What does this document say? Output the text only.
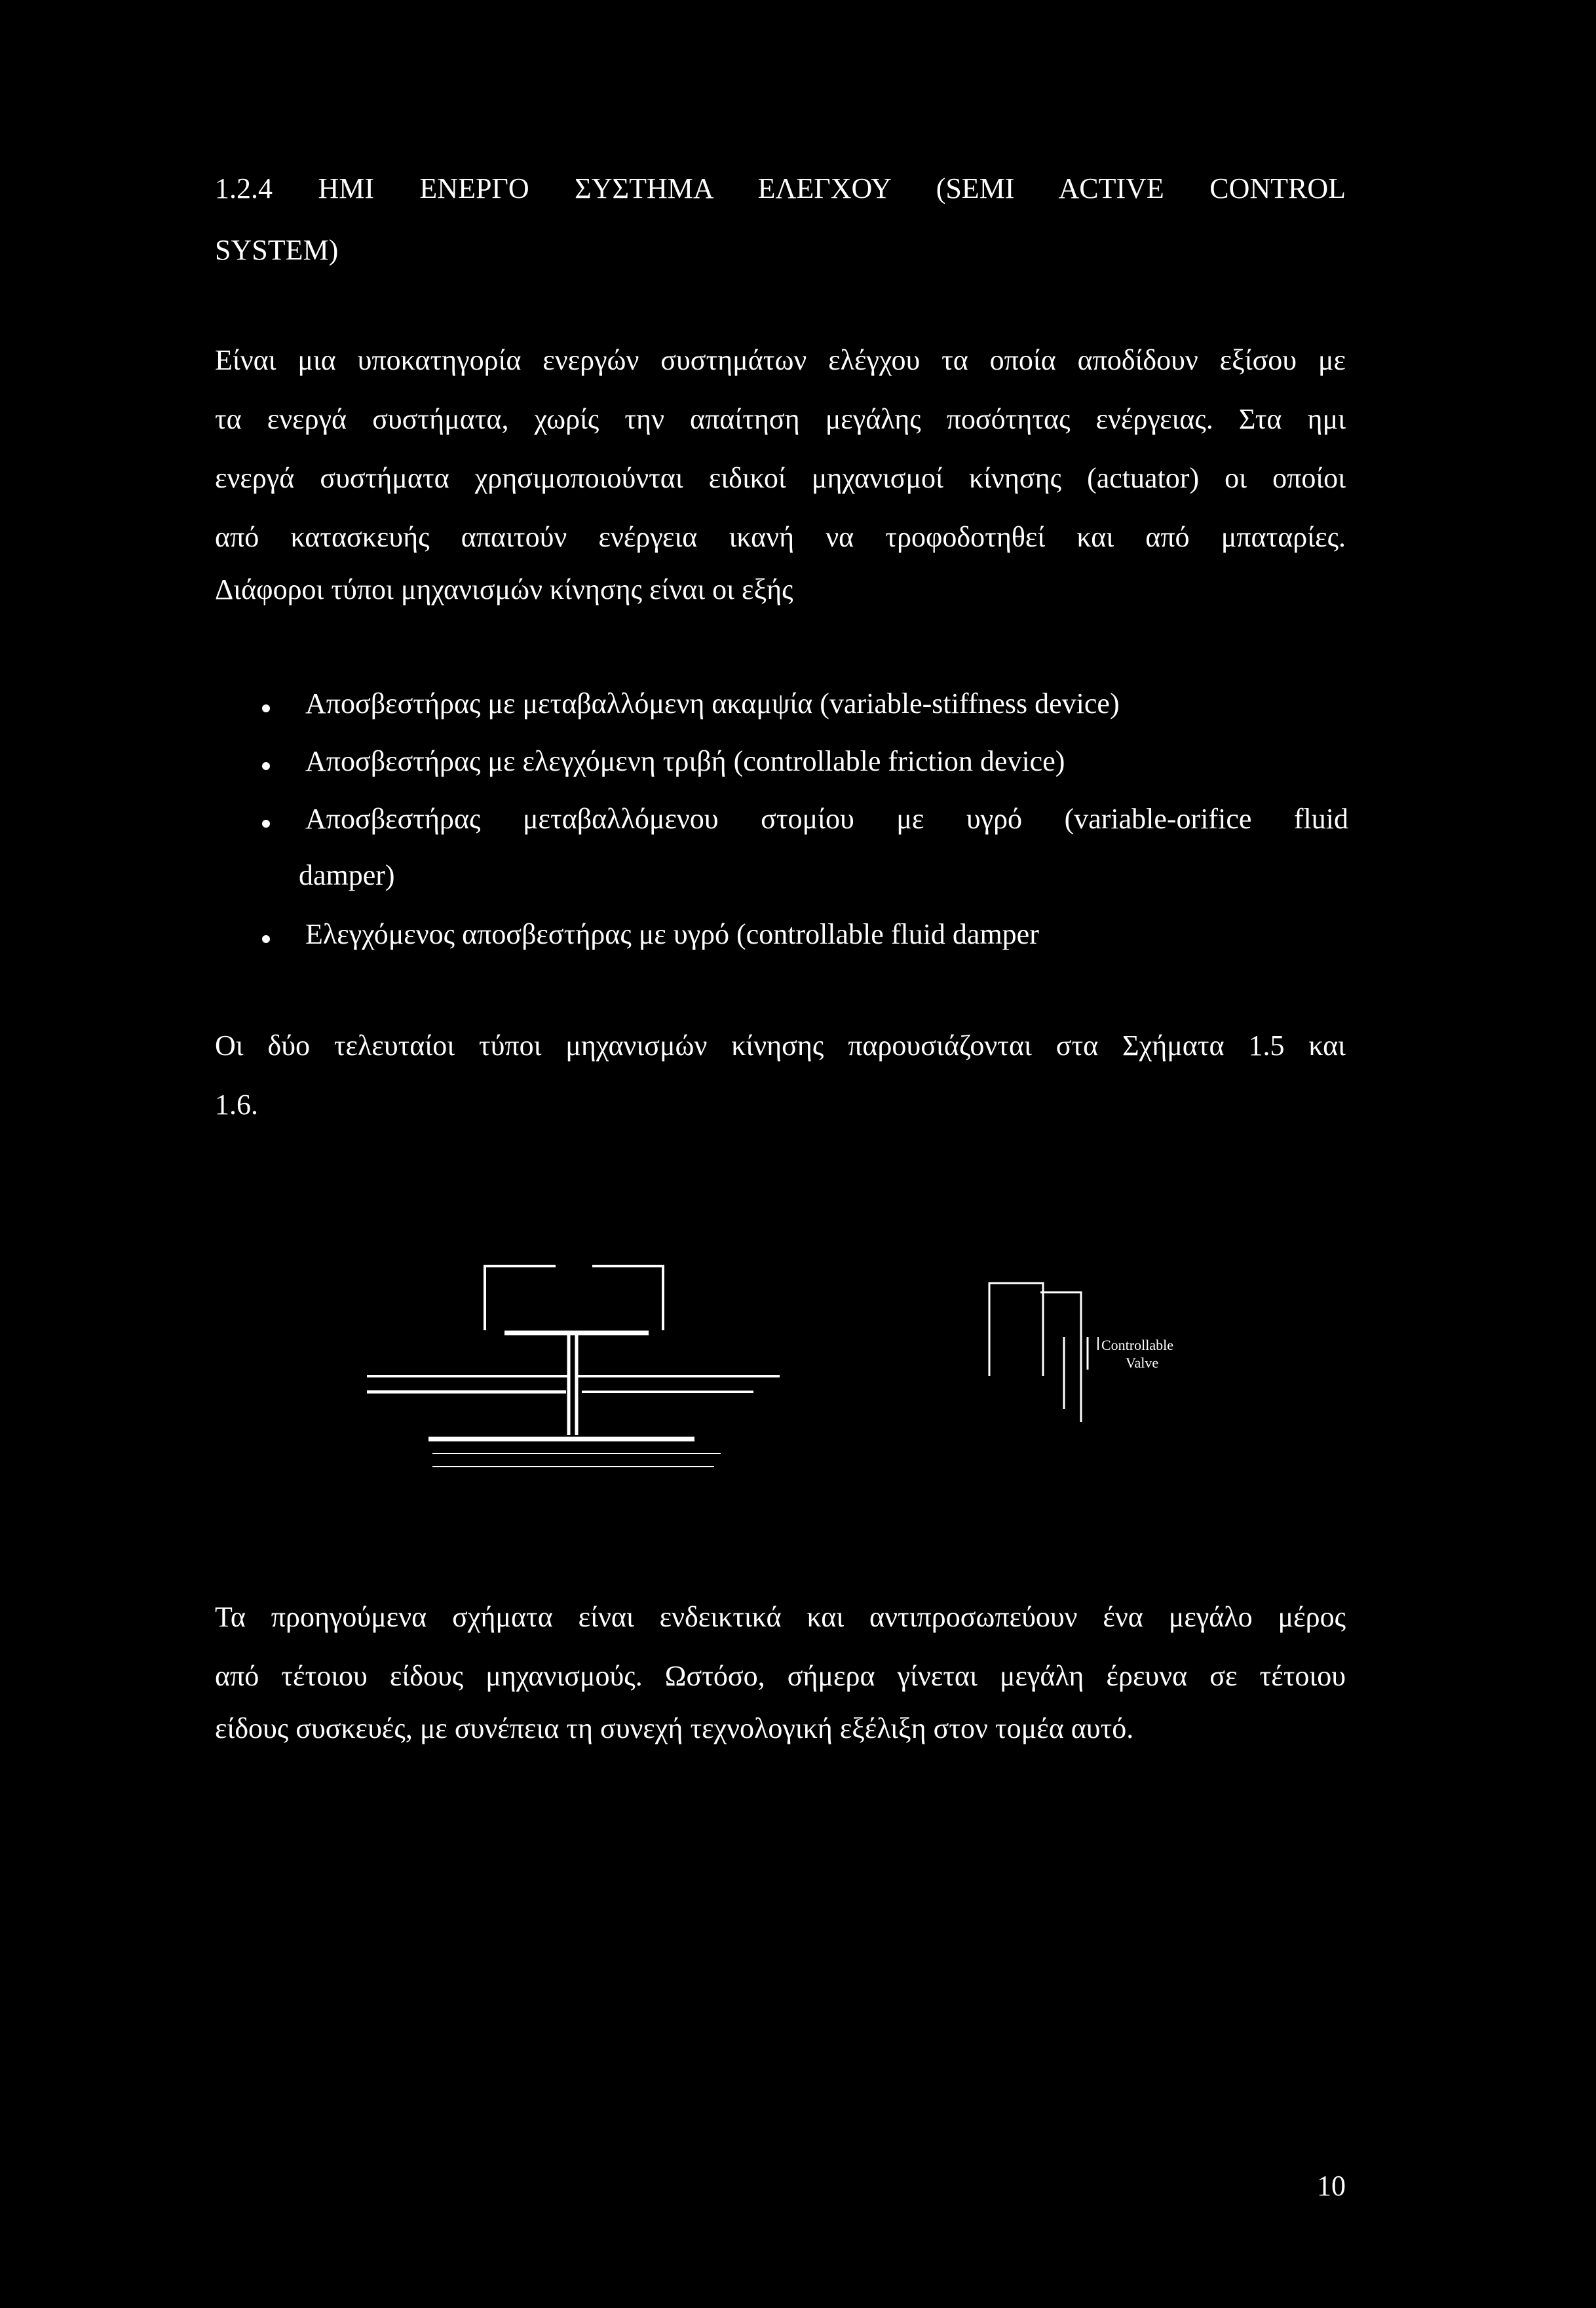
1.2.4 ΗΜΙ ΕΝΕΡΓΟ ΣΥΣΤΗΜΑ ΕΛΕΓΧΟΥ (SEMI ACTIVE CONTROL
SYSTEM)
Είναι μια υποκατηγορία ενεργών συστημάτων ελέγχου τα οποία αποδίδουν εξίσου με
τα ενεργά συστήματα, χωρίς την απαίτηση μεγάλης ποσότητας ενέργειας. Στα ημι
ενεργά συστήματα χρησιμοποιούνται ειδικοί μηχανισμοί κίνησης (actuator) οι οποίοι
από κατασκευής απαιτούν ενέργεια ικανή να τροφοδοτηθεί και από μπαταρίες.
Διάφοροι τύποι μηχανισμών κίνησης είναι οι εξής
Αποσβεστήρας με μεταβαλλόμενη ακαμψία (variable-stiffness device)
Αποσβεστήρας με ελεγχόμενη τριβή (controllable friction device)
Αποσβεστήρας μεταβαλλόμενου στομίου με υγρό (variable-orifice fluid
damper)
Ελεγχόμενος αποσβεστήρας με υγρό (controllable fluid damper
Οι δύο τελευταίοι τύποι μηχανισμών κίνησης παρουσιάζονται στα Σχήματα 1.5 και
1.6.
Controllable
Valve
Τα προηγούμενα σχήματα είναι ενδεικτικά και αντιπροσωπεύουν ένα μεγάλο μέρος
από τέτοιου είδους μηχανισμούς. Ωστόσο, σήμερα γίνεται μεγάλη έρευνα σε τέτοιου
είδους συσκευές, με συνέπεια τη συνεχή τεχνολογική εξέλιξη στον τομέα αυτό.
10
